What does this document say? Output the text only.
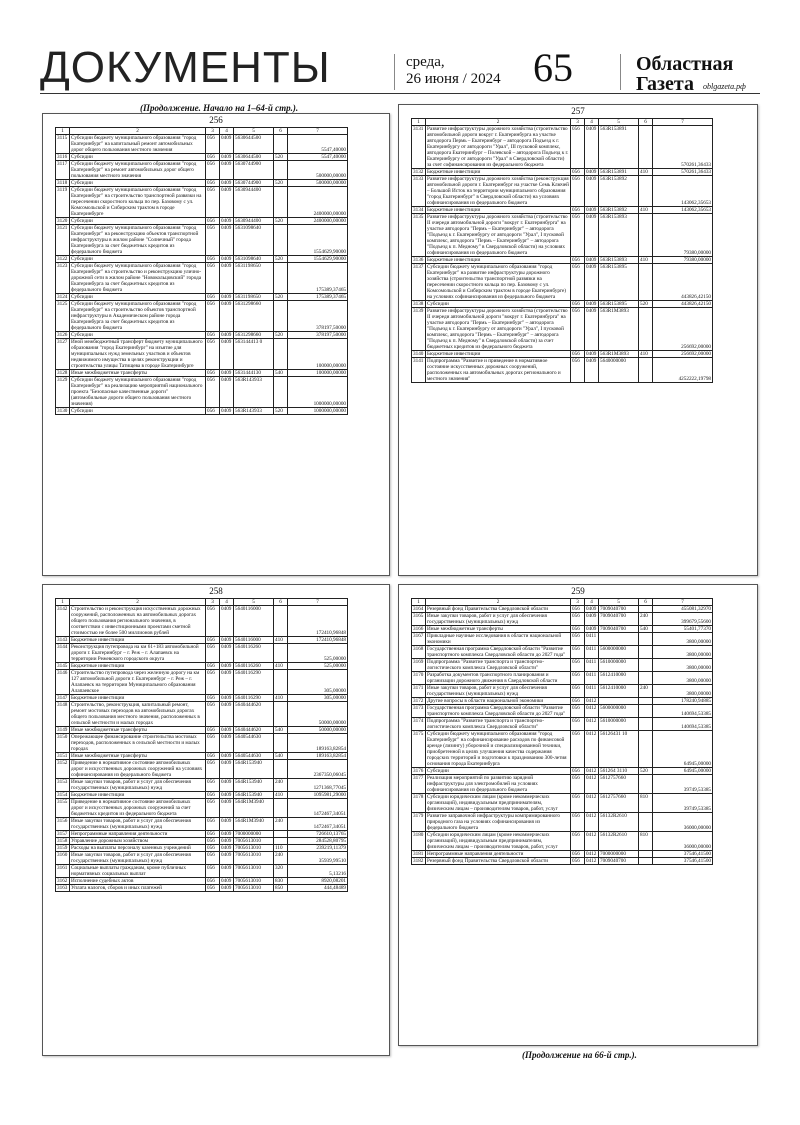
ДОКУМЕНТЫ	среда,
26 июня / 2024 65	Областная
Газета	oblgazeta.рф
(Продолжение. Начало на 1–64-й стр.).
256
1	2	3	4	5	6	7
3115	Субсидии бюджету муниципального образования "город Екатеринбург" на капитальный ремонт автомобильных дорог общего пользования местного значения	056	0409	5630644500		5547,40000
3116	Субсидии	056	0409	5630644500	520	5547,40000
3117	Субсидии бюджету муниципального образования "город Екатеринбург" на ремонт автомобильных дорог общего пользования местного значения	056	0409	5630744900		500000,00000
3118	Субсидии	056	0409	5630744900	520	500000,00000
3119	Субсидии бюджету муниципального образования "город Екатеринбург" на строительство транспортной развязки на пересечении скоростного кольца по пер. Базовому с ул. Комсомольской и Сибирским трактом в городе Екатеринбурге	056	0409	5630944400		2400000,00000
3120	Субсидии	056	0409	5630944400	520	2400000,00000
3121	Субсидии бюджету муниципального образования "город Екатеринбург" на реконструкцию объектов транспортной инфраструктуры в жилом районе "Солнечный" города Екатеринбурга за счет бюджетных кредитов из федерального бюджета	056	0409	5631098640		1554629,90000
3122	Субсидии	056	0409	5631098640	520	1554629,90000
3123	Субсидии бюджету муниципального образования "город Екатеринбург" на строительство и реконструкцию улично-дорожной сети в жилом районе "Новокольцовский" города Екатеринбурга за счет бюджетных кредитов из федерального бюджета	056	0409	5631198650		175389,37465
3124	Субсидии	056	0409	5631198650	520	175389,37465
3125	Субсидии бюджету муниципального образования "город Екатеринбург" на строительство объектов транспортной инфраструктуры в Академическом районе города Екатеринбурга за счет бюджетных кредитов из федерального бюджета	056	0409	5631298660		378197,50000
3126	Субсидии	056	0409	5631298660	520	378197,50000
3127	Иной межбюджетный трансферт бюджету муниципального образования "город Екатеринбург" на изъятие для муниципальных нужд земельных участков и объектов недвижимого имущества в целях реконструкции и строительства улицы Татищева в городе Екатеринбурге	056	0409	563144413 0		100000,00000
3128	Иные межбюджетные трансферты	056	0409	5631444130	540	100000,00000
3129	Субсидии бюджету муниципального образования "город Екатеринбург" на реализацию мероприятий национального проекта "Безопасные качественные дороги" (автомобильные дороги общего пользования местного значения)	056	0409	563R143933		1000000,00000
3130	Субсидии	056	0409	563R143933	520	1000000,00000
257
1	2	3	4	5	6	7
3131	Развитие инфраструктуры дорожного хозяйства (строительство автомобильной дороги вокруг г. Екатеринбурга на участке автодорога Пермь – Екатеринбург – автодорога Подъезд к г. Екатеринбургу от автодороги "Урал", III пусковой комплекс, автодорога Екатеринбург – Полевской – автодорога Подъезд к г. Екатеринбургу от автодороги "Урал" в Свердловской области) за счет софинансирования из федерального бюджета	056	0409	563R153891		570261,36433
3132	Бюджетные инвестиции	056	0409	563R153891	410	570261,36433
3133	Развитие инфраструктуры дорожного хозяйства (реконструкция автомобильной дороги г. Екатеринбург на участке Семь Ключей – Большой Исток на территории муниципального образования "город Екатеринбург" в Свердловской области) на условиях софинансирования из федерального бюджета	056	0409	563R153892		143062,35653
3134	Бюджетные инвестиции	056	0409	563R153892	410	143062,35653
3135	Развитие инфраструктуры дорожного хозяйства (строительство II очереди автомобильной дороги "вокруг г. Екатеринбурга" на участке автодорога "Пермь – Екатеринбург" – автодорога "Подъезд к г. Екатеринбургу от автодороги "Урал", I пусковой комплекс, автодорога "Пермь – Екатеринбург" – автодорога "Подъезд к п. Медному" в Свердловской области) на условиях софинансирования из федерального бюджета	056	0409	563R153893		79380,00000
3136	Бюджетные инвестиции	056	0409	563R153893	410	79380,00000
3137	Субсидии бюджету муниципального образования "город Екатеринбург" на развитие инфраструктуры дорожного хозяйства (строительство транспортной развязки на пересечении скоростного кольца по пер. Базовому с ул. Комсомольской и Сибирским трактом в городе Екатеринбурге) на условиях софинансирования из федерального бюджета	056	0409	563R153895		443826,42150
3138	Субсидии	056	0409	563R153895	520	443826,42150
3139	Развитие инфраструктуры дорожного хозяйства (строительство II очереди автомобильной дороги "вокруг г. Екатеринбурга" на участке автодорога "Пермь – Екатеринбург" – автодорога "Подъезд к г. Екатеринбургу от автодороги "Урал", I пусковой комплекс, автодорога "Пермь – Екатеринбург" – автодорога "Подъезд к п. Медному" в Свердловской области) за счет бюджетных кредитов из федерального бюджета	056	0409	563R1M3893		256692,00000
3140	Бюджетные инвестиции	056	0409	563R1M3893	410	256692,00000
3141	Подпрограмма "Развитие и приведение в нормативное состояние искусственных дорожных сооружений, расположенных на автомобильных дорогах регионального и местного значения"	056	0409	5640000000		4252222,19798
258
1	2	3	4	5	6	7
3142	Строительство и реконструкция искусственных дорожных сооружений, расположенных на автомобильных дорогах общего пользования регионального значения, в соответствии с инвестиционными проектами сметной стоимостью не более 500 миллионов рублей	056	0409	5640116000		172410,96848
3143	Бюджетные инвестиции	056	0409	5640116000	410	172410,96848
3144	Реконструкция путепровода на км 61+183 автомобильной дороги г. Екатеринбург – г. Реж – г. Алапаевск на территории Режевского городского округа	056	0409	5640116260		525,00000
3145	Бюджетные инвестиции	056	0409	5640116260	410	525,00000
3146	Строительство путепровода через железную дорогу на км 127 автомобильной дороги г. Екатеринбург – г. Реж – г. Алапаевск на территории Муниципального образования Алапаевское	056	0409	5640116290		305,00000
3147	Бюджетные инвестиции	056	0409	5640116290	410	305,00000
3148	Строительство, реконструкция, капитальный ремонт, ремонт мостовых переходов на автомобильных дорогах общего пользования местного значения, расположенных в сельской местности и малых городах	056	0409	5640444620		50000,00000
3149	Иные межбюджетные трансферты	056	0409	5640444620	540	50000,00000
3150	Опережающее финансирование строительства мостовых переходов, расположенных в сельской местности и малых городах	056	0409	5640544630		189163,82854
3151	Иные межбюджетные трансферты	056	0409	5640544630	540	189163,82854
3152	Приведение в нормативное состояние автомобильных дорог и искусственных дорожных сооружений на условиях софинансирования из федерального бюджета	056	0409	564R153940		2367350,06045
3153	Иные закупки товаров, работ и услуг для обеспечения государственных (муниципальных) нужд	056	0409	564R153940	240	1271368,77045
3154	Бюджетные инвестиции	056	0409	564R153940	410	1095981,29000
3155	Приведение в нормативное состояние автомобильных дорог и искусственных дорожных сооружений за счет бюджетных кредитов из федерального бюджета	056	0409	564R1M3940		1472467,34051
3156	Иные закупки товаров, работ и услуг для обеспечения государственных (муниципальных) нужд	056	0409	564R1M3940	240	1472467,34051
3157	Непрограммные направления деятельности	056	0409	7000000000		726610,13765
3158	Управление дорожным хозяйством	056	0409	7005613010		284528,80795
3159	Расходы на выплаты персоналу казенных учреждений	056	0409	7005613010	110	239219,11379
3160	Иные закупки товаров, работ и услуг для обеспечения государственных (муниципальных) нужд	056	0409	7005613010	240	35939,99510
3161	Социальные выплаты гражданам, кроме публичных нормативных социальных выплат	056	0409	7005613010	320	5,13216
3162	Исполнение судебных актов	056	0409	7005613010	830	8920,08201
3163	Уплата налогов, сборов и иных платежей	056	0409	7005613010	850	444,48489
259
1	2	3	4	5	6	7
3164	Резервный фонд Правительства Свердловской области	056	0409	7009040700		455081,32970
3165	Иные закупки товаров, работ и услуг для обеспечения государственных (муниципальных) нужд	056	0409	7009040700	240	399679,55600
3166	Иные межбюджетные трансферты	056	0409	7009040700	540	55401,77370
3167	Прикладные научные исследования в области национальной экономики	056	0411			3800,00000
3168	Государственная программа Свердловской области "Развитие транспортного комплекса Свердловской области до 2027 года"	056	0411	5600000000		3800,00000
3169	Подпрограмма "Развитие транспорта и транспортно-логистического комплекса Свердловской области"	056	0411	5610000000		3800,00000
3170	Разработка документов транспортного планирования и организации дорожного движения в Свердловской области	056	0411	5612410000		3800,00000
3171	Иные закупки товаров, работ и услуг для обеспечения государственных (муниципальных) нужд	056	0411	5612410000	240	3800,00000
3172	Другие вопросы в области национальной экономики	056	0412			178240,94885
3173	Государственная программа Свердловской области "Развитие транспортного комплекса Свердловской области до 2027 года"	056	0412	5600000000		140694,53385
3174	Подпрограмма "Развитие транспорта и транспортно-логистического комплекса Свердловской области"	056	0412	5610000000		140694,53385
3175	Субсидии бюджету муниципального образования "город Екатеринбург" на софинансирование расходов по финансовой аренде (лизингу) уборочной и специализированной техники, приобретенной в целях улучшения качества содержания городских территорий и подготовки к празднованию 300-летия основания города Екатеринбурга	056	0412	56126431 10		64945,00000
3176	Субсидии	056	0412	561264 3110	520	64945,00000
3177	Реализация мероприятий по развитию зарядной инфраструктуры для электромобилей на условиях софинансирования из федерального бюджета	056	0412	5612757660		39749,53385
3178	Субсидии юридическим лицам (кроме некоммерческих организаций), индивидуальным предпринимателям, физическим лицам – производителям товаров, работ, услуг	056	0412	5612757660	810	39749,53385
3179	Развитие заправочной инфраструктуры компримированного природного газа на условиях софинансирования из федерального бюджета	056	0412	56132R2610		36000,00000
3180	Субсидии юридическим лицам (кроме некоммерческих организаций), индивидуальным предпринимателям, физическим лицам – производителям товаров, работ, услуг	056	0412	56132R2610	810	36000,00000
3181	Непрограммные направления деятельности	056	0412	7000000000		37546,41500
3182	Резервный фонд Правительства Свердловской области	056	0412	7009040700		37546,41500
(Продолжение на 66-й стр.).
